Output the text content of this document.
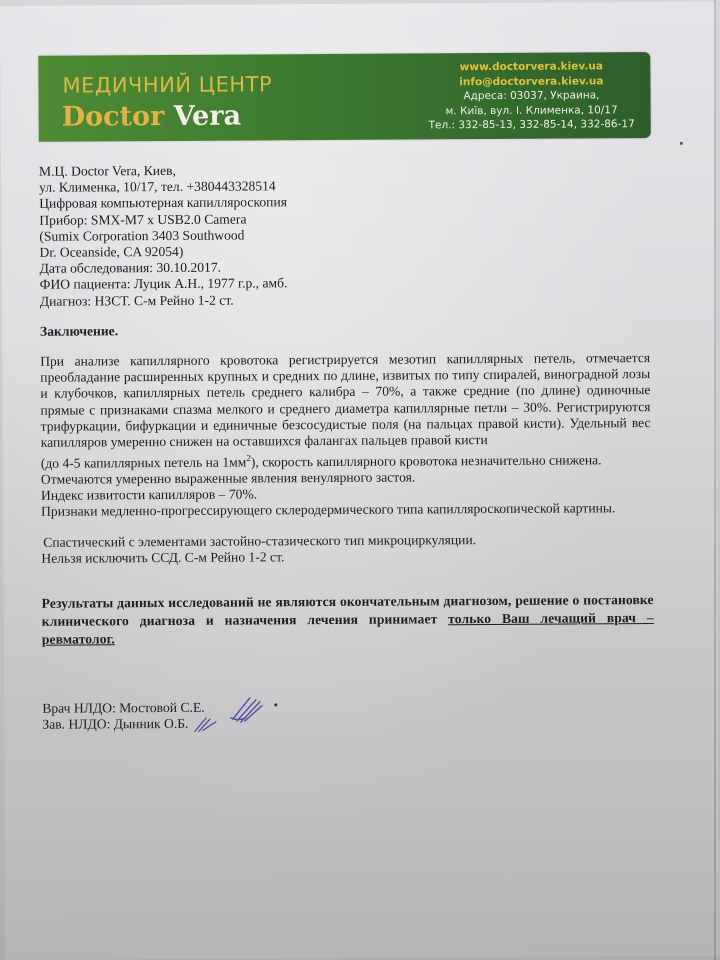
МЕДИЧНИЙ ЦЕНТР
Doctor Vera
www.doctorvera.kiev.ua
info@doctorvera.kiev.ua
Адреса: 03037, Украина,
м. Київ, вул. І. Клименка, 10/17
Тел.: 332-85-13, 332-85-14, 332-86-17
М.Ц. Doctor Vera, Киев,
ул. Клименка, 10/17, тел. +380443328514
Цифровая компьютерная капилляроскопия
Прибор: SMX-M7 x USB2.0 Camera
(Sumix Corporation 3403 Southwood
Dr. Oceanside, CA 92054)
Дата обследования: 30.10.2017.
ФИО пациента: Луцик А.Н., 1977 г.р., амб.
Диагноз: НЗСТ. С-м Рейно 1-2 ст.
Заключение.
При анализе капиллярного кровотока регистрируется мезотип капиллярных петель, отмечается преобладание расширенных крупных и средних по длине, извитых по типу спиралей, виноградной лозы и клубочков, капиллярных петель среднего калибра – 70%, а также средние (по длине) одиночные прямые с признаками спазма мелкого и среднего диаметра капиллярные петли – 30%. Регистрируются трифуркации, бифуркации и единичные безсосудистые поля (на пальцах правой кисти). Удельный вес капилляров умеренно снижен на оставшихся фалангах пальцев правой кисти
(до 4-5 капиллярных петель на $1мм^2$), скорость капиллярного кровотока незначительно снижена.
Отмечаются умеренно выраженные явления венулярного застоя.
Индекс извитости капилляров – 70%.
Признаки медленно-прогрессирующего склеродермического типа капилляроскопической картины.
Спастический с элементами застойно-стазического тип микроциркуляции.
Нельзя исключить ССД. С-м Рейно 1-2 ст.
Результаты данных исследований не являются окончательным диагнозом, решение о постановке клинического диагноза и назначения лечения принимает только Ваш лечащий врач – ревматолог.
Врач НЛДО: Мостовой С.Е.
Зав. НЛДО: Дынник О.Б.
